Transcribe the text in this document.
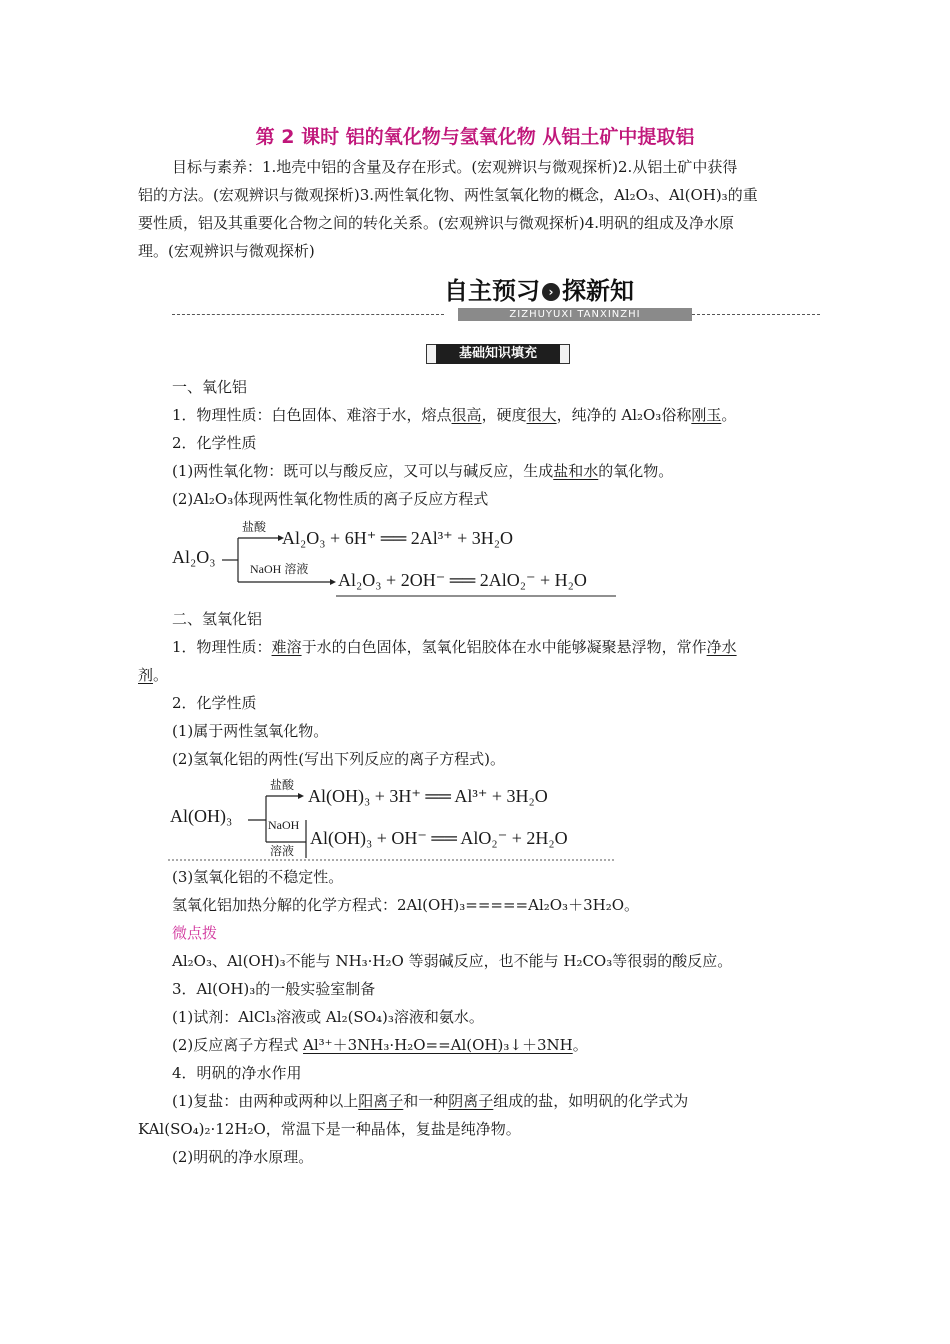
第 2 课时 铝的氧化物与氢氧化物 从铝土矿中提取铝
目标与素养：1.地壳中铝的含量及存在形式。(宏观辨识与微观探析)2.从铝土矿中获得
铝的方法。(宏观辨识与微观探析)3.两性氧化物、两性氢氧化物的概念，Al₂O₃、Al(OH)₃的重
要性质，铝及其重要化合物之间的转化关系。(宏观辨识与微观探析)4.明矾的组成及净水原
理。(宏观辨识与微观探析)
自主预习 › 探新知
ZIZHUYUXI TANXINZHI
基础知识填充
一、氧化铝
1．物理性质：白色固体、难溶于水，熔点很高，硬度很大，纯净的 Al₂O₃俗称刚玉。
2．化学性质
(1)两性氧化物：既可以与酸反应，又可以与碱反应，生成盐和水的氧化物。
(2)Al₂O₃体现两性氧化物性质的离子反应方程式
Al₂O₃
盐酸
Al₂O₃ + 6H⁺ ══ 2Al³⁺ + 3H₂O
NaOH 溶液
Al₂O₃ + 2OH⁻ ══ 2AlO₂⁻ + H₂O
二、氢氧化铝
1．物理性质：难溶于水的白色固体，氢氧化铝胶体在水中能够凝聚悬浮物，常作净水
剂。
2．化学性质
(1)属于两性氢氧化物。
(2)氢氧化铝的两性(写出下列反应的离子方程式)。
Al(OH)₃
盐酸
Al(OH)₃ + 3H⁺ ══ Al³⁺ + 3H₂O
NaOH
溶液
Al(OH)₃ + OH⁻ ══ AlO₂⁻ + 2H₂O
(3)氢氧化铝的不稳定性。
氢氧化铝加热分解的化学方程式：2Al(OH)₃=====Al₂O₃＋3H₂O。
微点拨
Al₂O₃、Al(OH)₃不能与 NH₃·H₂O 等弱碱反应，也不能与 H₂CO₃等很弱的酸反应。
3．Al(OH)₃的一般实验室制备
(1)试剂：AlCl₃溶液或 Al₂(SO₄)₃溶液和氨水。
(2)反应离子方程式 Al³⁺＋3NH₃·H₂O==Al(OH)₃↓＋3NH。
4．明矾的净水作用
(1)复盐：由两种或两种以上阳离子和一种阴离子组成的盐，如明矾的化学式为
KAl(SO₄)₂·12H₂O，常温下是一种晶体，复盐是纯净物。
(2)明矾的净水原理。
